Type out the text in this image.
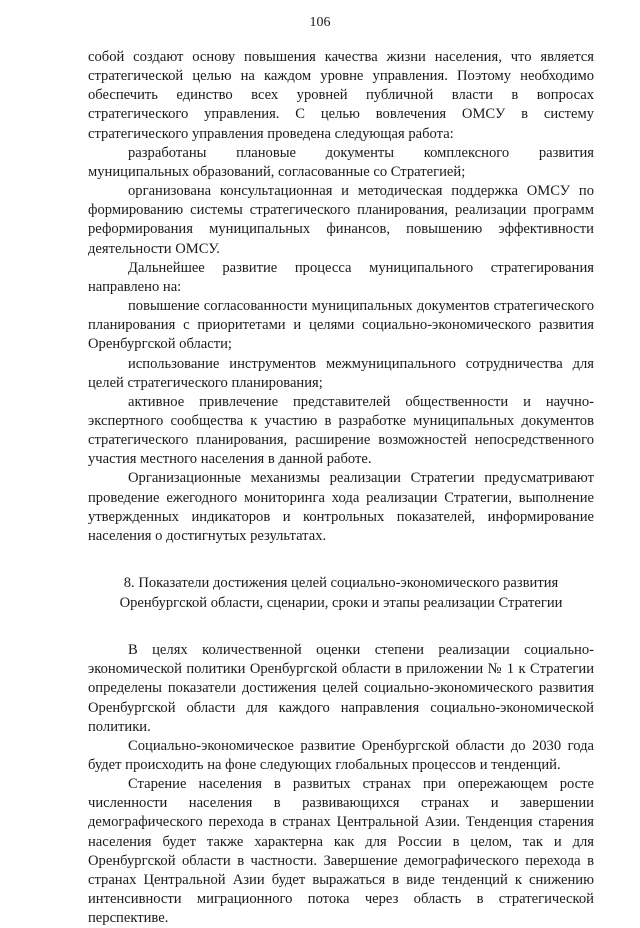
106

собой создают основу повышения качества жизни населения, что является стратегической целью на каждом уровне управления. Поэтому необходимо обеспечить единство всех уровней публичной власти в вопросах стратегического управления. С целью вовлечения ОМСУ в систему стратегического управления проведена следующая работа:

разработаны плановые документы комплексного развития муниципальных образований, согласованные со Стратегией;

организована консультационная и методическая поддержка ОМСУ по формированию системы стратегического планирования, реализации программ реформирования муниципальных финансов, повышению эффективности деятельности ОМСУ.

Дальнейшее развитие процесса муниципального стратегирования направлено на:

повышение согласованности муниципальных документов стратегического планирования с приоритетами и целями социально-экономического развития Оренбургской области;

использование инструментов межмуниципального сотрудничества для целей стратегического планирования;

активное привлечение представителей общественности и научно-экспертного сообщества к участию в разработке муниципальных документов стратегического планирования, расширение возможностей непосредственного участия местного населения в данной работе.

Организационные механизмы реализации Стратегии предусматривают проведение ежегодного мониторинга хода реализации Стратегии, выполнение утвержденных индикаторов и контрольных показателей, информирование населения о достигнутых результатах.

8. Показатели достижения целей социально-экономического развития
Оренбургской области, сценарии, сроки и этапы реализации Стратегии

В целях количественной оценки степени реализации социально-экономической политики Оренбургской области в приложении № 1 к Стратегии определены показатели достижения целей социально-экономического развития Оренбургской области для каждого направления социально-экономической политики.

Социально-экономическое развитие Оренбургской области до 2030 года будет происходить на фоне следующих глобальных процессов и тенденций.

Старение населения в развитых странах при опережающем росте численности населения в развивающихся странах и завершении демографического перехода в странах Центральной Азии. Тенденция старения населения будет также характерна как для России в целом, так и для Оренбургской области в частности. Завершение демографического перехода в странах Центральной Азии будет выражаться в виде тенденций к снижению интенсивности миграционного потока через область в стратегической перспективе.
